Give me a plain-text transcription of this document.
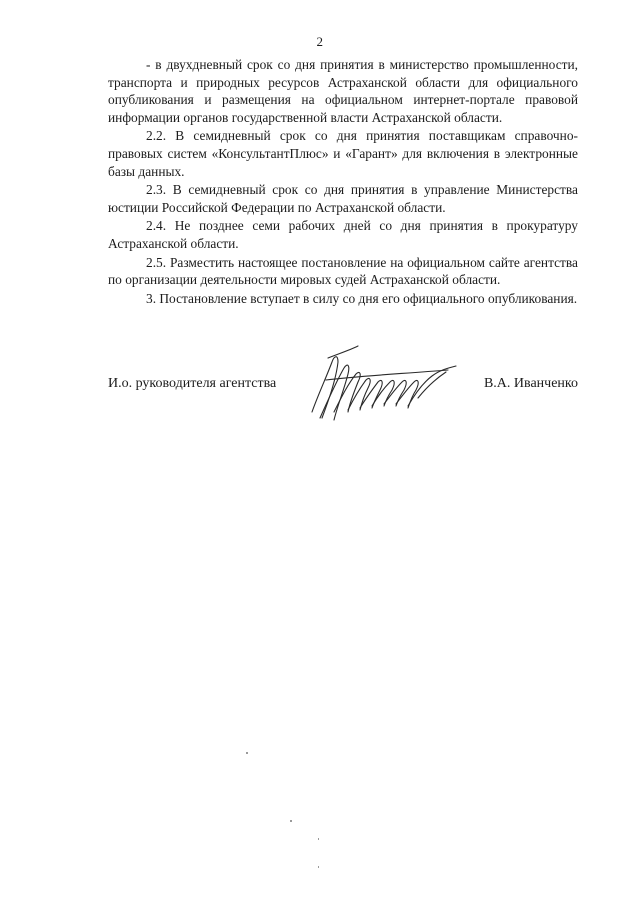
2

- в двухдневный срок со дня принятия в министерство промышленности, транспорта и природных ресурсов Астраханской области для официального опубликования и размещения на официальном интернет-портале правовой информации органов государственной власти Астраханской области.

2.2. В семидневный срок со дня принятия поставщикам справочно-правовых систем «КонсультантПлюс» и «Гарант» для включения в электронные базы данных.

2.3. В семидневный срок со дня принятия в управление Министерства юстиции Российской Федерации по Астраханской области.

2.4. Не позднее семи рабочих дней со дня принятия в прокуратуру Астраханской области.

2.5. Разместить настоящее постановление на официальном сайте агентства по организации деятельности мировых судей Астраханской области.

3. Постановление вступает в силу со дня его официального опубликования.

И.о. руководителя агентства	В.А. Иванченко
